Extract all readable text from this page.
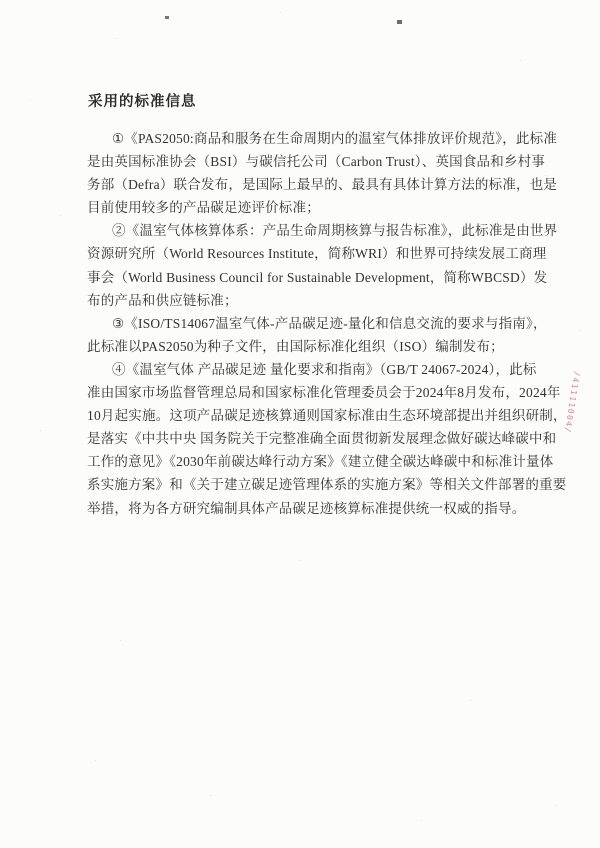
采用的标准信息
①《PAS2050:商品和服务在生命周期内的温室气体排放评价规范》，此标准
是由英国标准协会（BSI）与碳信托公司（Carbon Trust）、英国食品和乡村事
务部（Defra）联合发布，是国际上最早的、最具有具体计算方法的标准，也是
目前使用较多的产品碳足迹评价标准；
②《温室气体核算体系：产品生命周期核算与报告标准》，此标准是由世界
资源研究所（World Resources Institute，简称WRI）和世界可持续发展工商理
事会（World Business Council for Sustainable Development，简称WBCSD）发
布的产品和供应链标准；
③《ISO/TS14067温室气体-产品碳足迹-量化和信息交流的要求与指南》，
此标准以PAS2050为种子文件，由国际标准化组织（ISO）编制发布；
④《温室气体 产品碳足迹 量化要求和指南》（GB/T 24067-2024），此标
准由国家市场监督管理总局和国家标准化管理委员会于2024年8月发布，2024年
10月起实施。这项产品碳足迹核算通则国家标准由生态环境部提出并组织研制，
是落实《中共中央 国务院关于完整准确全面贯彻新发展理念做好碳达峰碳中和
工作的意见》《2030年前碳达峰行动方案》《建立健全碳达峰碳中和标准计量体
系实施方案》和《关于建立碳足迹管理体系的实施方案》等相关文件部署的重要
举措，将为各方研究编制具体产品碳足迹核算标准提供统一权威的指导。
∕41111004∕
